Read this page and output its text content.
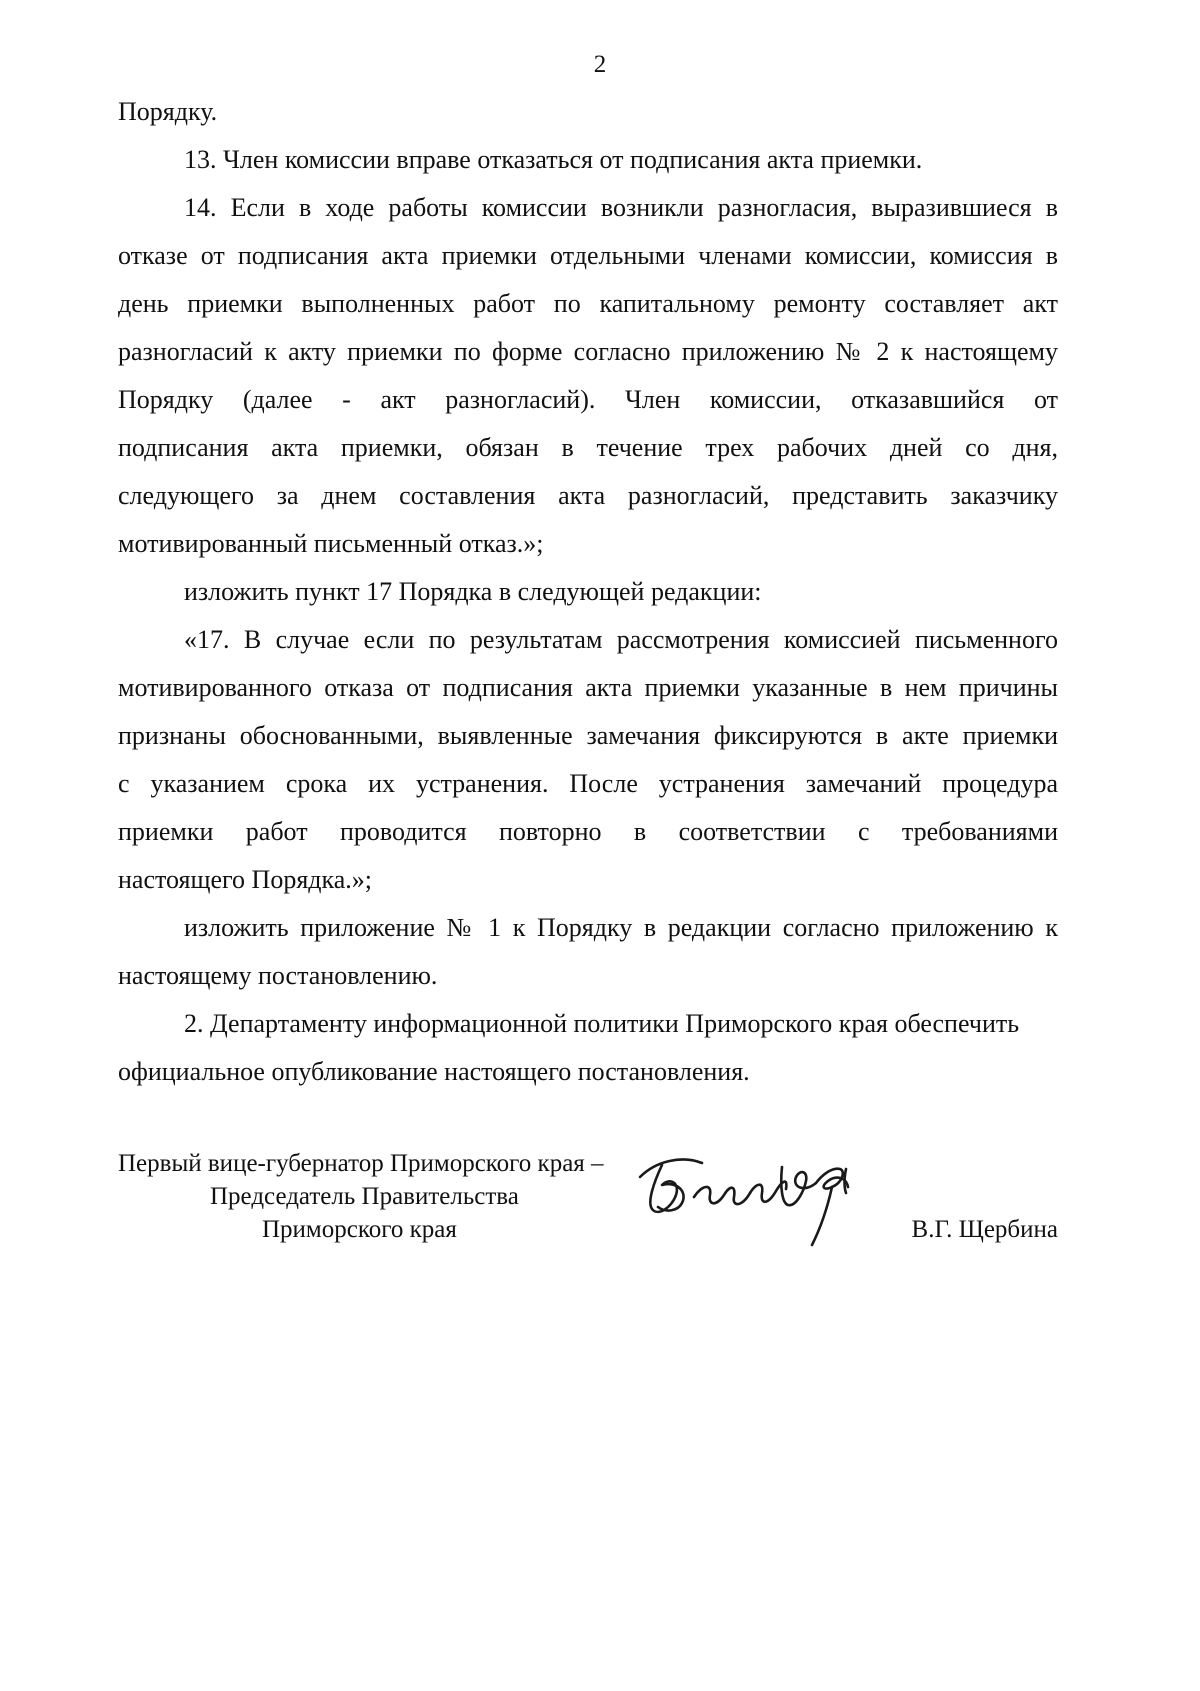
2
Порядку.
13. Член комиссии вправе отказаться от подписания акта приемки.
14. Если в ходе работы комиссии возникли разногласия, выразившиеся в
отказе от подписания акта приемки отдельными членами комиссии, комиссия в
день приемки выполненных работ по капитальному ремонту составляет акт
разногласий к акту приемки по форме согласно приложению № 2 к настоящему
Порядку (далее - акт разногласий). Член комиссии, отказавшийся от
подписания акта приемки, обязан в течение трех рабочих дней со дня,
следующего за днем составления акта разногласий, представить заказчику
мотивированный письменный отказ.»;
изложить пункт 17 Порядка в следующей редакции:
«17. В случае если по результатам рассмотрения комиссией письменного
мотивированного отказа от подписания акта приемки указанные в нем причины
признаны обоснованными, выявленные замечания фиксируются в акте приемки
с указанием срока их устранения. После устранения замечаний процедура
приемки работ проводится повторно в соответствии с требованиями
настоящего Порядка.»;
изложить приложение № 1 к Порядку в редакции согласно приложению к
настоящему постановлению.
2. Департаменту информационной политики Приморского края обеспечить
официальное опубликование настоящего постановления.
Первый вице-губернатор Приморского края –
Председатель Правительства
Приморского края	В.Г. Щербина
